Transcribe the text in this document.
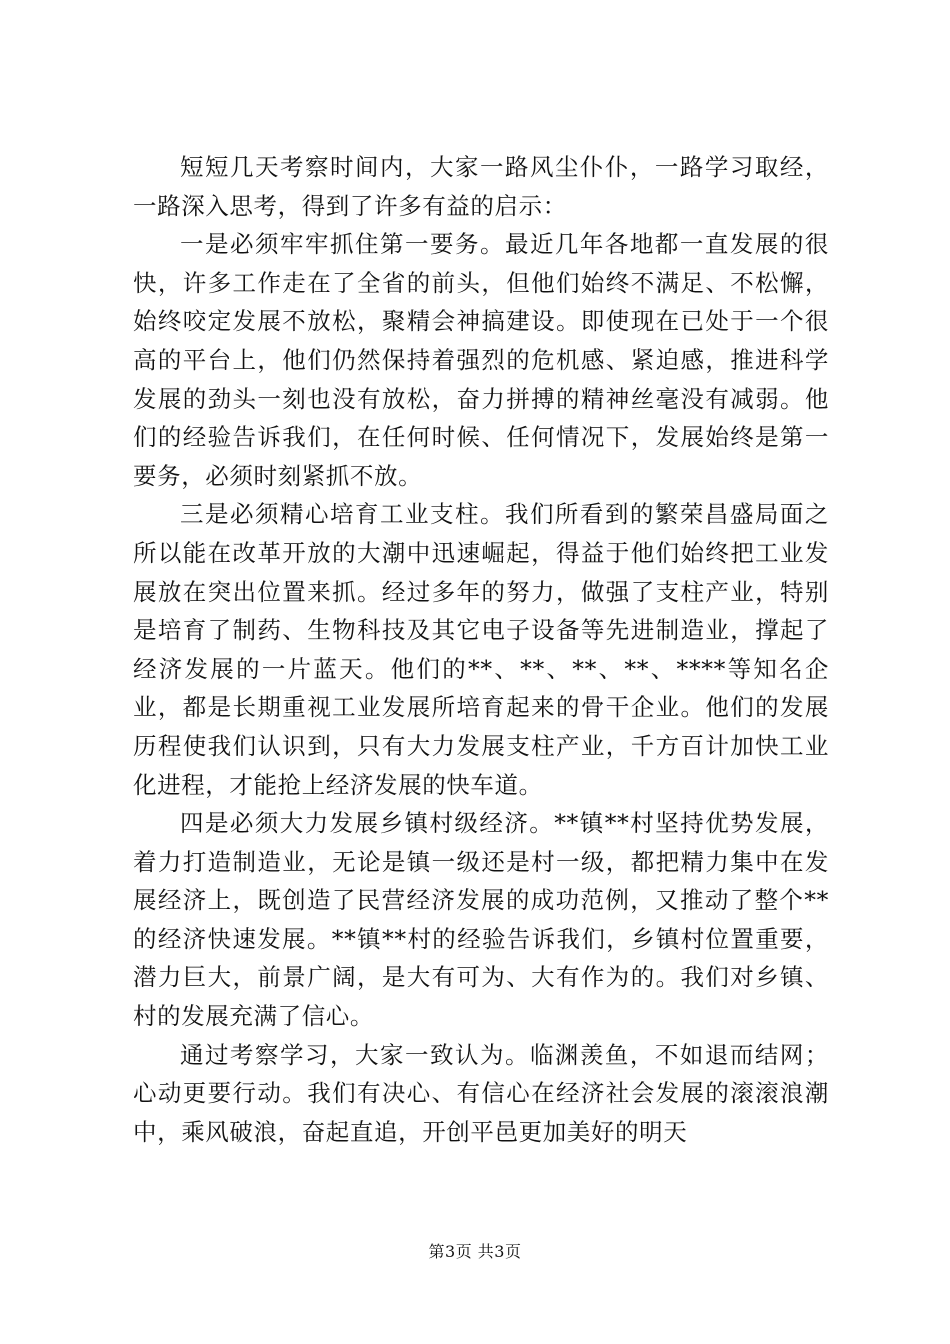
短短几天考察时间内，大家一路风尘仆仆，一路学习取经，一路深入思考，得到了许多有益的启示：

一是必须牢牢抓住第一要务。最近几年各地都一直发展的很快，许多工作走在了全省的前头，但他们始终不满足、不松懈，始终咬定发展不放松，聚精会神搞建设。即使现在已处于一个很高的平台上，他们仍然保持着强烈的危机感、紧迫感，推进科学发展的劲头一刻也没有放松，奋力拼搏的精神丝毫没有减弱。他们的经验告诉我们，在任何时候、任何情况下，发展始终是第一要务，必须时刻紧抓不放。

三是必须精心培育工业支柱。我们所看到的繁荣昌盛局面之所以能在改革开放的大潮中迅速崛起，得益于他们始终把工业发展放在突出位置来抓。经过多年的努力，做强了支柱产业，特别是培育了制药、生物科技及其它电子设备等先进制造业，撑起了经济发展的一片蓝天。他们的**、**、**、**、****等知名企业，都是长期重视工业发展所培育起来的骨干企业。他们的发展历程使我们认识到，只有大力发展支柱产业，千方百计加快工业化进程，才能抢上经济发展的快车道。

四是必须大力发展乡镇村级经济。**镇**村坚持优势发展，着力打造制造业，无论是镇一级还是村一级，都把精力集中在发展经济上，既创造了民营经济发展的成功范例，又推动了整个**的经济快速发展。**镇**村的经验告诉我们，乡镇村位置重要，潜力巨大，前景广阔，是大有可为、大有作为的。我们对乡镇、村的发展充满了信心。

通过考察学习，大家一致认为。临渊羡鱼，不如退而结网；心动更要行动。我们有决心、有信心在经济社会发展的滚滚浪潮中，乘风破浪，奋起直追，开创平邑更加美好的明天

第3页 共3页
